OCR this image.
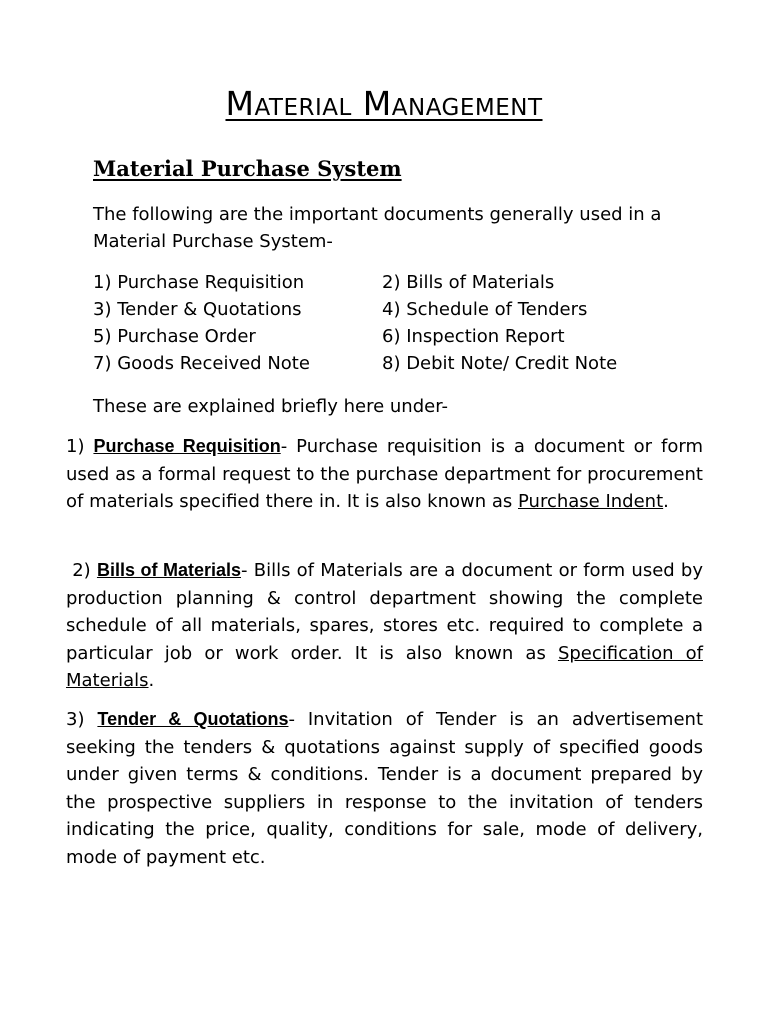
Material Management
Material Purchase System
The following are the important documents generally used in a Material Purchase System-
1) Purchase Requisition	2) Bills of Materials
3) Tender & Quotations	4) Schedule of Tenders
5) Purchase Order	6) Inspection Report
7) Goods Received Note	8) Debit Note/ Credit Note
These are explained briefly here under-
1) Purchase Requisition- Purchase requisition is a document or form used as a formal request to the purchase department for procurement of materials specified there in. It is also known as Purchase Indent.
2) Bills of Materials- Bills of Materials are a document or form used by production planning & control department showing the complete schedule of all materials, spares, stores etc. required to complete a particular job or work order. It is also known as Specification of Materials.
3) Tender & Quotations- Invitation of Tender is an advertisement seeking the tenders & quotations against supply of specified goods under given terms & conditions. Tender is a document prepared by the prospective suppliers in response to the invitation of tenders indicating the price, quality, conditions for sale, mode of delivery, mode of payment etc.
